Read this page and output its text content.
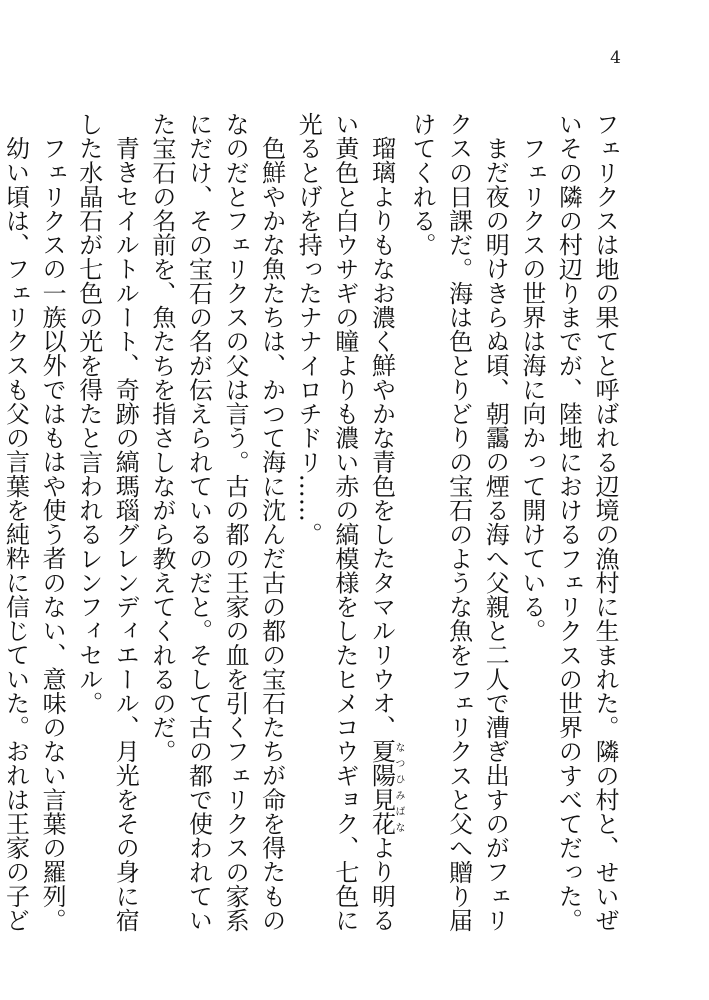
4

フェリクスは地の果てと呼ばれる辺境の漁村に生まれた。隣の村と、せいぜいその隣の村辺りまでが、陸地におけるフェリクスの世界のすべてだった。

フェリクスの世界は海に向かって開けている。

まだ夜の明けきらぬ頃、朝靄の煙る海へ父親と二人で漕ぎ出すのがフェリクスの日課だ。海は色とりどりの宝石のような魚をフェリクスと父へ贈り届けてくれる。

瑠璃よりもなお濃く鮮やかな青色をしたタマルリウオ、夏陽見花なつひみばなより明るい黄色と白ウサギの瞳よりも濃い赤の縞模様をしたヒメコウギョク、七色に光るとげを持ったナナイロチドリ……。

色鮮やかな魚たちは、かつて海に沈んだ古の都の宝石たちが命を得たものなのだとフェリクスの父は言う。古の都の王家の血を引くフェリクスの家系にだけ、その宝石の名が伝えられているのだと。そして古の都で使われていた宝石の名前を、魚たちを指さしながら教えてくれるのだ。

青きセイルトルート、奇跡の縞瑪瑙グレンディエール、月光をその身に宿した水晶石が七色の光を得たと言われるレンフィセル。

フェリクスの一族以外ではもはや使う者のない、意味のない言葉の羅列。

幼い頃は、フェリクスも父の言葉を純粋に信じていた。おれは王家の子ど
